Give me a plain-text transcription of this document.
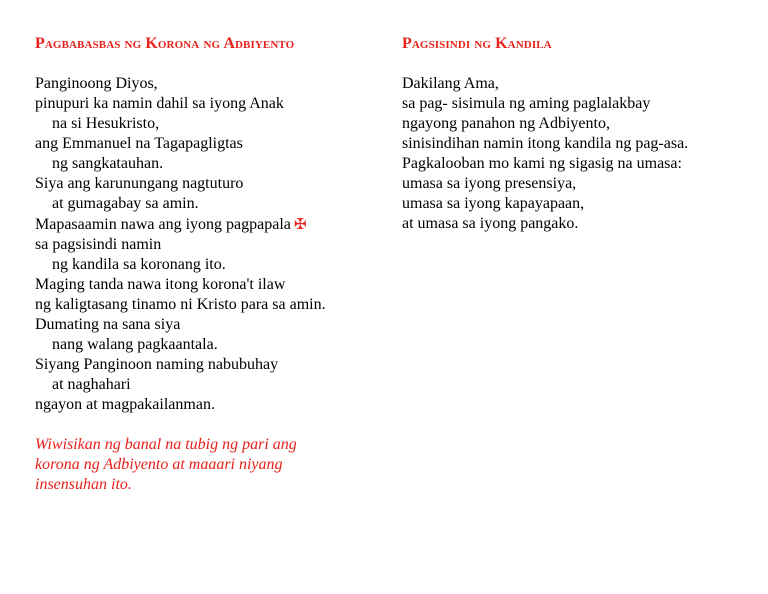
Pagbabasbas ng Korona ng Adbiyento
Panginoong Diyos,
pinupuri ka namin dahil sa iyong Anak
na si Hesukristo,
ang Emmanuel na Tagapagligtas
ng sangkatauhan.
Siya ang karunungang nagtuturo
at gumagabay sa amin.
Mapasaamin nawa ang iyong pagpapala ✠
sa pagsisindi namin
ng kandila sa koronang ito.
Maging tanda nawa itong korona't ilaw
ng kaligtasang tinamo ni Kristo para sa amin.
Dumating na sana siya
nang walang pagkaantala.
Siyang Panginoon naming nabubuhay
at naghahari
ngayon at magpakailanman.
Wiwisikan ng banal na tubig ng pari ang
korona ng Adbiyento at maaari niyang
insensuhan ito.
Pagsisindi ng Kandila
Dakilang Ama,
sa pag- sisimula ng aming paglalakbay
ngayong panahon ng Adbiyento,
sinisindihan namin itong kandila ng pag-asa.
Pagkalooban mo kami ng sigasig na umasa:
umasa sa iyong presensiya,
umasa sa iyong kapayapaan,
at umasa sa iyong pangako.
